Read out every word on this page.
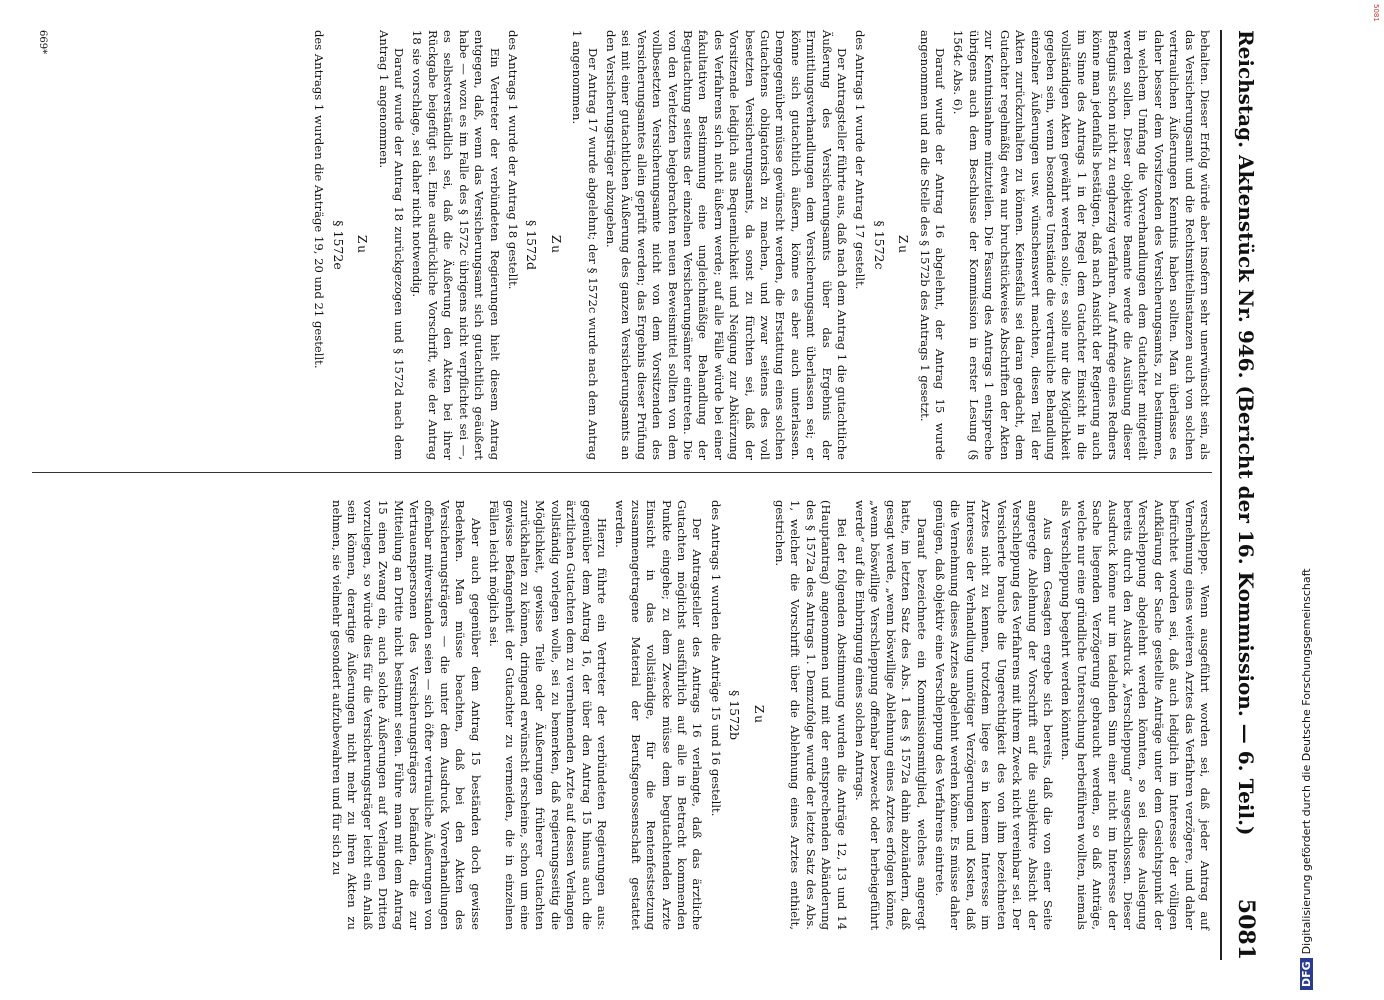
Reichstag. Aktenstück Nr. 946. (Bericht der 16. Kommission. — 6. Teil.)
5081

verschleppe. Wenn ausgeführt worden sei, daß jeder Antrag auf Vernehmung eines weiteren Arztes das Verfahren verzögere, und daher befürchtet worden sei, daß auch lediglich im Interesse der völligen Aufklärung der Sache gestellte Anträge unter dem Gesichtspunkt der Verschleppung abgelehnt werden könnten, so sei diese Auslegung bereits durch den Ausdruck „Verschleppung“ ausgeschlossen. Dieser Ausdruck könne nur im tadelnden Sinn einer nicht im Interesse der Sache liegenden Verzögerung gebraucht werden, so daß Anträge, welche nur eine gründliche Untersuchung herbeiführen wollten, niemals als Verschleppung begehrt werden könnten.

Aus dem Gesagten ergebe sich bereits, daß die von einer Seite angeregte Ablehnung der Vorschrift auf die subjektive Absicht der Verschleppung des Verfahrens mit ihrem Zweck nicht vereinbar sei. Der Versicherte brauche die Ungerechtigkeit des von ihm bezeichneten Arztes nicht zu kennen, trotzdem liege es in keinem Interesse im Interesse der Verhandlung unnötiger Verzögerungen und Kosten, daß die Vernehmung dieses Arztes abgelehnt werden könne. Es müsse daher genügen, daß objektiv eine Verschleppung des Verfahrens eintrete.

Darauf bezeichnete ein Kommissionsmitglied, welches angeregt hatte, im letzten Satz des Abs. 1 des § 1572a dahin abzuändern, daß gesagt werde, „wenn böswillige Ablehnung eines Arztes erfolgen könne, „wenn böswillige Verschleppung offenbar bezweckt oder herbeigeführt werde“ auf die Einbringung eines solchen Antrags.

Bei der folgenden Abstimmung wurden die Anträge 12, 13 und 14 (Hauptantrag) angenommen und mit der entsprechenden Abänderung des § 1572a des Antrags 1. Demzufolge wurde der letzte Satz des Abs. 1, welcher die Vorschrift über die Ablehnung eines Arztes enthielt, gestrichen.

Zu
§ 1572b

des Antrags 1 wurden die Anträge 15 und 16 gestellt.

Der Antragsteller des Antrags 16 verlangte, daß das ärztliche Gutachten möglichst ausführlich auf alle in Betracht kommenden Punkte eingehe; zu dem Zwecke müsse dem begutachtenden Arzte Einsicht in das vollständige, für die Rentenfestsetzung zusammengetragene Material der Berufsgenossenschaft gestattet werden.

Hierzu führte ein Vertreter der verbündeten Regierungen aus: gegenüber dem Antrag 16, der über den Antrag 15 hinaus auch die ärztlichen Gutachten dem zu vernehmenden Arzte auf dessen Verlangen vollständig vorlegen wolle, sei zu bemerken, daß regierungsseitig die Möglichkeit, gewisse Teile oder Äußerungen früherer Gutachten zurückhalten zu können, dringend erwünscht erscheine, schon um eine gewisse Befangenheit der Gutachter zu vermeiden, die in einzelnen Fällen leicht möglich sei.

Aber auch gegenüber dem Antrag 15 beständen doch gewisse Bedenken. Man müsse beachten, daß bei den Akten des Versicherungsträgers — die unter dem Ausdruck Vorverhandlungen offenbar mitverstanden seien — sich öfter vertrauliche Äußerungen von Vertrauenspersonen des Versicherungsträgers befänden, die zur Mitteilung an Dritte nicht bestimmt seien. Führe man mit dem Antrag 15 einen Zwang ein, auch solche Äußerungen auf Verlangen Dritten vorzulegen, so würde dies für die Versicherungsträger leicht ein Anlaß sein können, derartige Äußerungen nicht mehr zu ihren Akten zu nehmen, sie vielmehr gesondert aufzubewahren und für sich zu

behalten. Dieser Erfolg würde aber insofern sehr unerwünscht sein, als das Versicherungsamt und die Rechtsmittelinstanzen auch von solchen vertraulichen Äußerungen Kenntnis haben sollten. Man überlasse es daher besser dem Vorsitzenden des Versicherungsamts, zu bestimmen, in welchem Umfang die Vorverhandlungen dem Gutachter mitgeteilt werden sollen. Dieser objektive Beamte werde die Ausübung dieser Befugnis schon nicht zu engherzig verfahren. Auf Anfrage eines Redners könne man jedenfalls bestätigen, daß nach Ansicht der Regierung auch im Sinne des Antrags 1 in der Regel dem Gutachter Einsicht in die vollständigen Akten gewährt werden solle; es solle nur die Möglichkeit gegeben sein, wenn besondere Umstände die vertrauliche Behandlung einzelner Äußerungen usw. wünschenswert machten, diesen Teil der Akten zurückzuhalten zu können. Keinesfalls sei daran gedacht, dem Gutachter regelmäßig etwa nur bruchstückweise Abschriften der Akten zur Kenntnisnahme mitzuteilen. Die Fassung des Antrags 1 entspreche übrigens auch dem Beschlusse der Kommission in erster Lesung (§ 1564c Abs. 6).

Darauf wurde der Antrag 16 abgelehnt, der Antrag 15 wurde angenommen und an die Stelle des § 1572b des Antrags 1 gesetzt.

Zu
§ 1572c

des Antrags 1 wurde der Antrag 17 gestellt.

Der Antragsteller führte aus, daß nach dem Antrag 1 die gutachtliche Äußerung des Versicherungsamts über das Ergebnis der Ermittlungsverhandlungen dem Versicherungsamt überlassen sei; er könne sich gutachtlich äußern, könne es aber auch unterlassen. Demgegenüber müsse gewünscht werden, die Erstattung eines solchen Gutachtens obligatorisch zu machen, und zwar seitens des voll besetzten Versicherungsamts, da sonst zu fürchten sei, daß der Vorsitzende lediglich aus Bequemlichkeit und Neigung zur Abkürzung des Verfahrens sich nicht äußern werde; auf alle Fälle würde bei einer fakultativen Bestimmung eine ungleichmäßige Behandlung der Begutachtung seitens der einzelnen Versicherungsämter eintreten. Die von den Verletzten beigebrachten neuen Beweismittel sollten von dem vollbesetzten Versicherungsamte nicht von dem Vorsitzenden des Versicherungsamtes allein geprüft werden; das Ergebnis dieser Prüfung sei mit einer gutachtlichen Äußerung des ganzen Versicherungsamts an den Versicherungsträger abzugeben.

Der Antrag 17 wurde abgelehnt; der § 1572c wurde nach dem Antrag 1 angenommen.

Zu
§ 1572d

des Antrags 1 wurde der Antrag 18 gestellt.

Ein Vertreter der verbündeten Regierungen hielt diesem Antrag entgegen, daß, wenn das Versicherungsamt sich gutachtlich geäußert habe — wozu es im Falle des § 1572c übrigens nicht verpflichtet sei —, es selbstverständlich sei, daß die Äußerung den Akten bei ihrer Rückgabe beigefügt sei. Eine ausdrückliche Vorschrift, wie der Antrag 18 sie vorschlage, sei daher nicht notwendig.

Darauf wurde der Antrag 18 zurückgezogen und § 1572d nach dem Antrag 1 angenommen.

Zu
§ 1572e

des Antrags 1 wurden die Anträge 19, 20 und 21 gestellt.

669*
DFGDigitalisierung gefördert durch die Deutsche Forschungsgemeinschaft
5081
